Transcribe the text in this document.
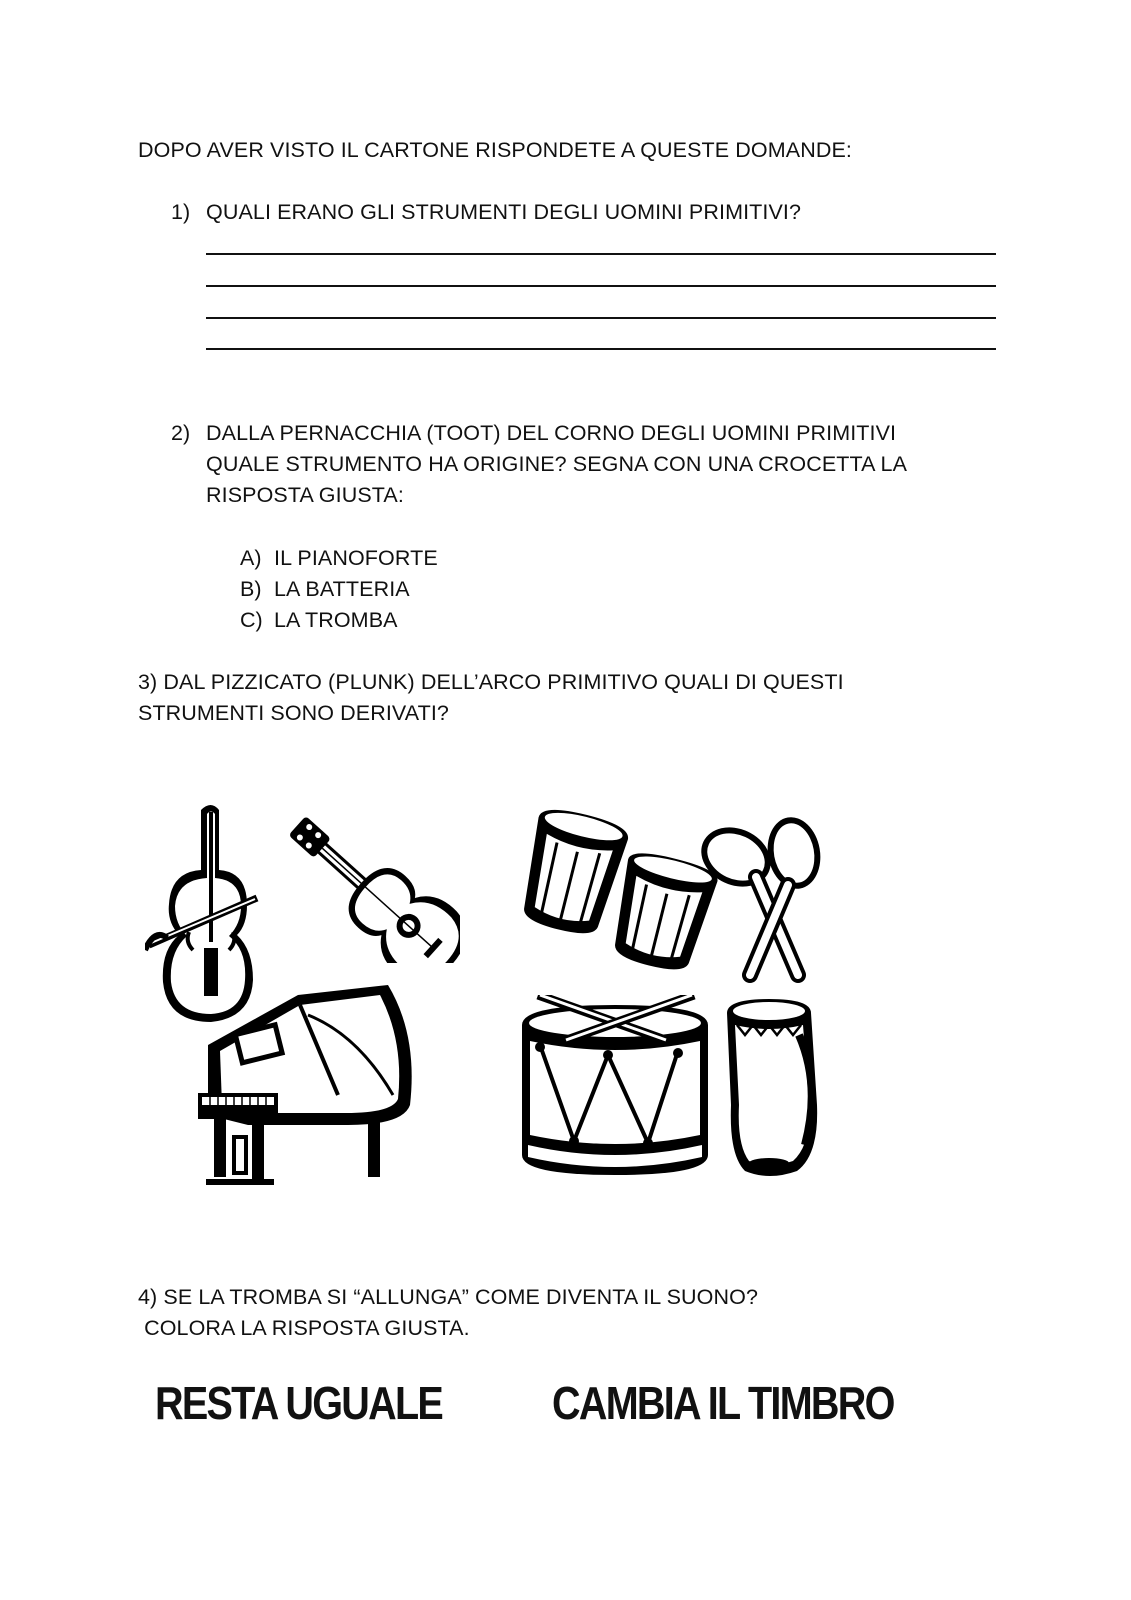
DOPO AVER VISTO IL CARTONE RISPONDETE A QUESTE DOMANDE:
1) QUALI ERANO GLI STRUMENTI DEGLI UOMINI PRIMITIVI?
2) DALLA PERNACCHIA (TOOT) DEL CORNO DEGLI UOMINI PRIMITIVI
QUALE STRUMENTO HA ORIGINE? SEGNA CON UNA CROCETTA LA
RISPOSTA GIUSTA:
A) IL PIANOFORTE
B) LA BATTERIA
C) LA TROMBA
3) DAL PIZZICATO (PLUNK) DELL’ARCO PRIMITIVO QUALI DI QUESTI
STRUMENTI SONO DERIVATI?
4) SE LA TROMBA SI “ALLUNGA” COME DIVENTA IL SUONO?
COLORA LA RISPOSTA GIUSTA.
RESTA UGUALE CAMBIA IL TIMBRO
